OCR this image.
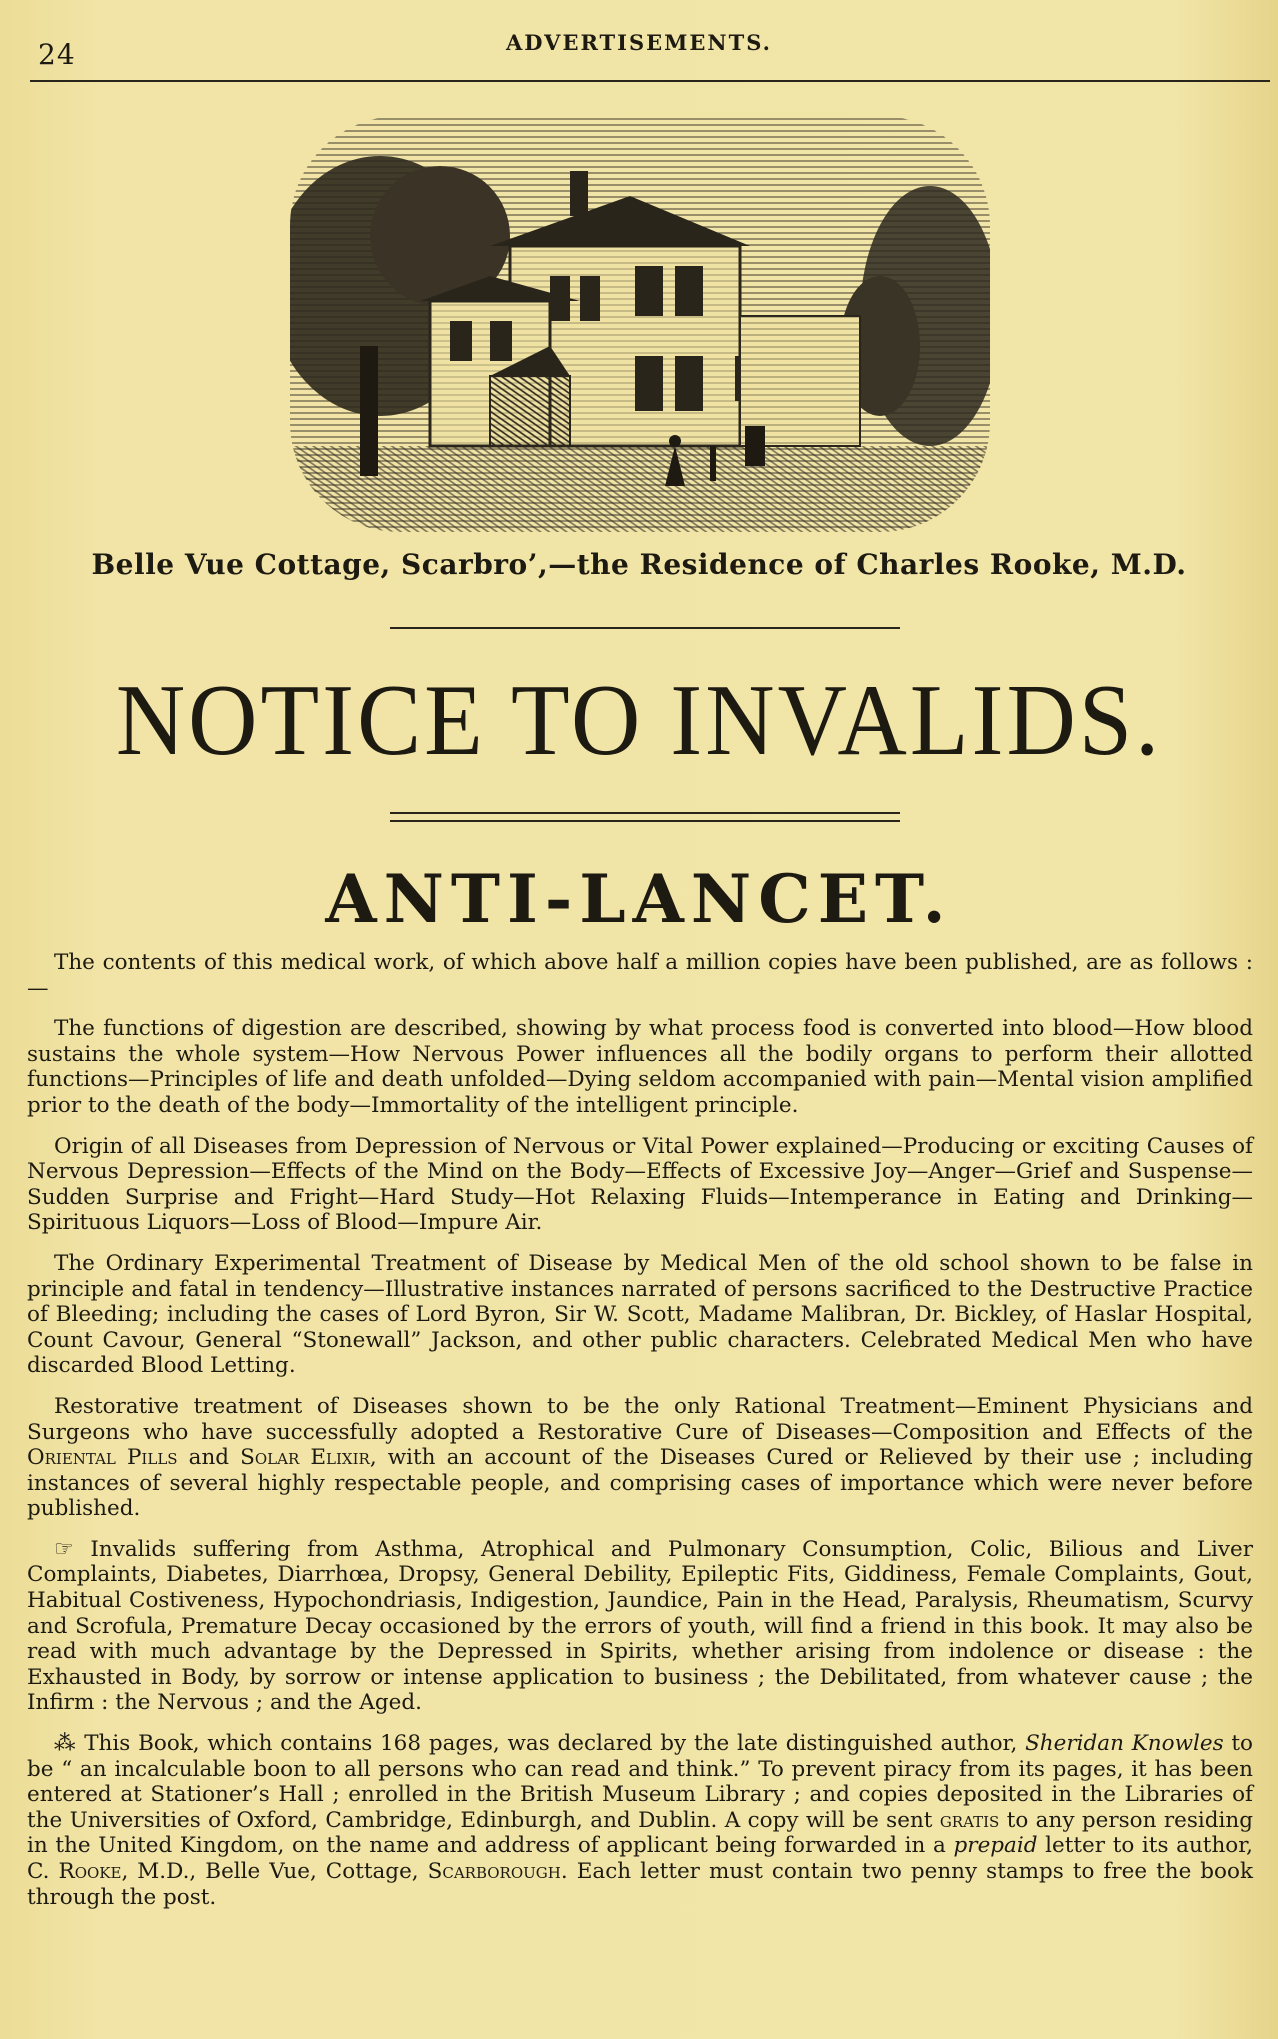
24	ADVERTISEMENTS.
Belle Vue Cottage, Scarbro’,—the Residence of Charles Rooke, M.D.
NOTICE TO INVALIDS.
ANTI-LANCET.

The contents of this medical work, of which above half a million copies have been published, are as follows :—

The functions of digestion are described, showing by what process food is converted into blood—How blood sustains the whole system—How Nervous Power influences all the bodily organs to perform their allotted functions—Principles of life and death unfolded—Dying seldom accompanied with pain—Mental vision amplified prior to the death of the body—Immortality of the intelligent principle.

Origin of all Diseases from Depression of Nervous or Vital Power explained—Producing or exciting Causes of Nervous Depression—Effects of the Mind on the Body—Effects of Excessive Joy—Anger—Grief and Suspense—Sudden Surprise and Fright—Hard Study—Hot Relaxing Fluids—Intemperance in Eating and Drinking—Spirituous Liquors—Loss of Blood—Impure Air.

The Ordinary Experimental Treatment of Disease by Medical Men of the old school shown to be false in principle and fatal in tendency—Illustrative instances narrated of persons sacrificed to the Destructive Practice of Bleeding; including the cases of Lord Byron, Sir W. Scott, Madame Malibran, Dr. Bickley, of Haslar Hospital, Count Cavour, General “Stonewall” Jackson, and other public characters. Celebrated Medical Men who have discarded Blood Letting.

Restorative treatment of Diseases shown to be the only Rational Treatment—Eminent Physicians and Surgeons who have successfully adopted a Restorative Cure of Diseases—Composition and Effects of the Oriental Pills and Solar Elixir, with an account of the Diseases Cured or Relieved by their use ; including instances of several highly respectable people, and comprising cases of importance which were never before published.

☞ Invalids suffering from Asthma, Atrophical and Pulmonary Consumption, Colic, Bilious and Liver Complaints, Diabetes, Diarrhœa, Dropsy, General Debility, Epileptic Fits, Giddiness, Female Complaints, Gout, Habitual Costiveness, Hypochondriasis, Indigestion, Jaundice, Pain in the Head, Paralysis, Rheumatism, Scurvy and Scrofula, Premature Decay occasioned by the errors of youth, will find a friend in this book. It may also be read with much advantage by the Depressed in Spirits, whether arising from indolence or disease : the Exhausted in Body, by sorrow or intense application to business ; the Debilitated, from whatever cause ; the Infirm : the Nervous ; and the Aged.

⁂ This Book, which contains 168 pages, was declared by the late distinguished author, Sheridan Knowles to be “ an incalculable boon to all persons who can read and think.” To prevent piracy from its pages, it has been entered at Stationer’s Hall ; enrolled in the British Museum Library ; and copies deposited in the Libraries of the Universities of Oxford, Cambridge, Edinburgh, and Dublin. A copy will be sent gratis to any person residing in the United Kingdom, on the name and address of applicant being forwarded in a prepaid letter to its author, C. Rooke, M.D., Belle Vue, Cottage, Scarborough. Each letter must contain two penny stamps to free the book through the post.
